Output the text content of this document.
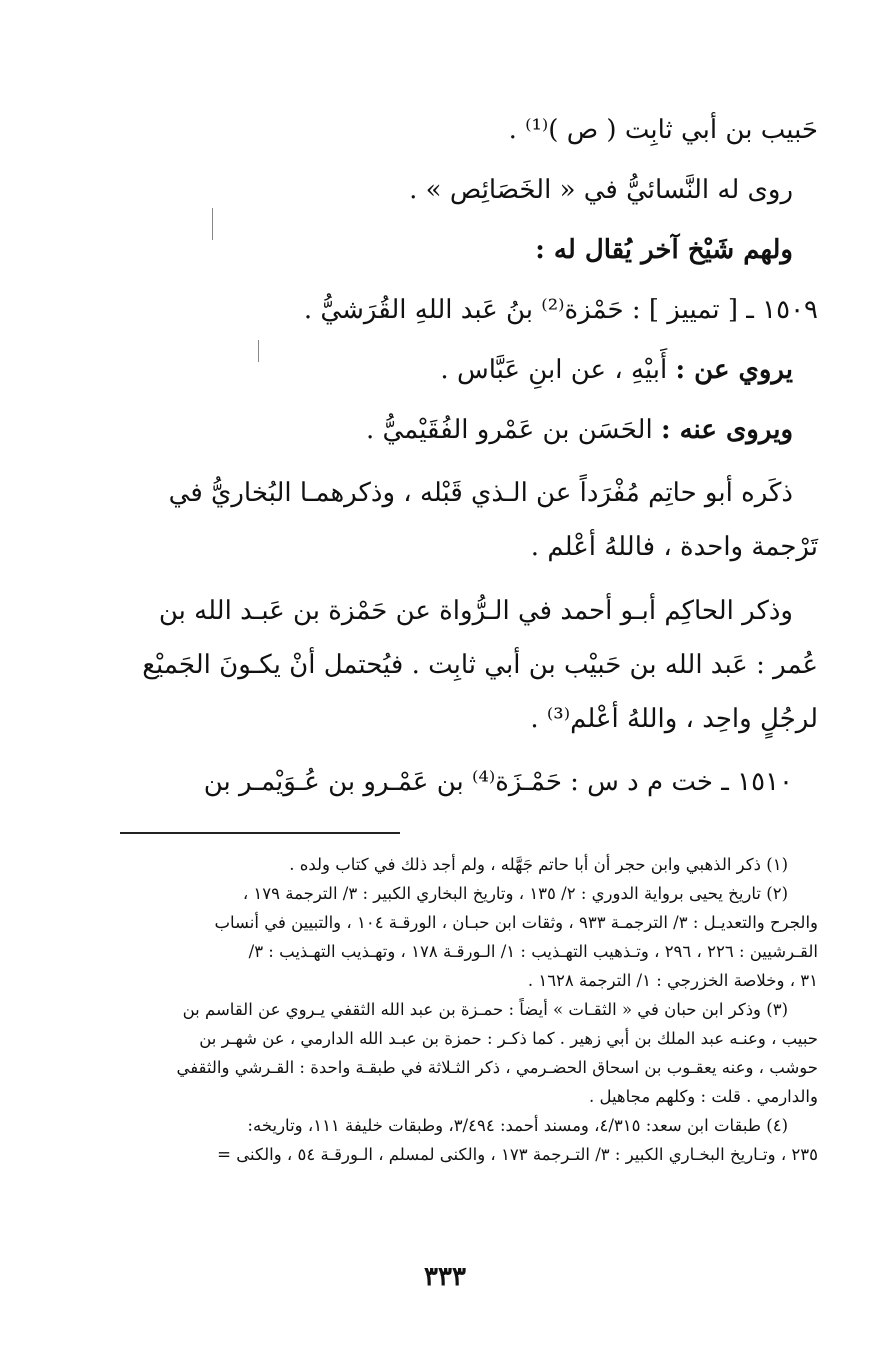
حَبيب بن أبي ثابِت ( ص )⁽¹⁾ .

روى له النَّسائيُّ في « الخَصَائِص » .

ولهم شَيْخ آخر يُقال له :

١٥٠٩ ـ [ تمييز ] : حَمْزة⁽²⁾ بنُ عَبد اللهِ القُرَشيُّ .

يروي عن : أَبيْهِ ، عن ابنِ عَبَّاس .

ويروى عنه : الحَسَن بن عَمْرو الفُقَيْميُّ .

ذكَره أبو حاتِم مُفْرَداً عن الـذي قَبْله ، وذكرهمـا البُخاريُّ في

تَرْجمة واحدة ، فاللهُ أعْلم .

وذكر الحاكِم أبـو أحمد في الـرُّواة عن حَمْزة بن عَبـد الله بن

عُمر : عَبد الله بن حَبيْب بن أبي ثابِت . فيُحتمل أنْ يكـونَ الجَميْع

لرجُلٍ واحِد ، واللهُ أعْلم⁽³⁾ .

١٥١٠ ـ خت م د س : حَمْـزَة⁽⁴⁾ بن عَمْـرو بن عُـوَيْمـر بن

(١) ذكر الذهبي وابن حجر أن أبا حاتم جَهَّله ، ولم أجد ذلك في كتاب ولده .

(٢) تاريخ يحيى برواية الدوري : ٢/ ١٣٥ ، وتاريخ البخاري الكبير : ٣/ الترجمة ١٧٩ ،

والجرح والتعديـل : ٣/ الترجمـة ٩٣٣ ، وثقات ابن حبـان ، الورقـة ١٠٤ ، والتبيين في أنساب

القـرشيين : ٢٢٦ ، ٢٩٦ ، وتـذهيب التهـذيب : ١/ الـورقـة ١٧٨ ، وتهـذيب التهـذيب : ٣/

٣١ ، وخلاصة الخزرجي : ١/ الترجمة ١٦٢٨ .

(٣) وذكر ابن حبان في « الثقـات » أيضاً : حمـزة بن عبد الله الثقفي يـروي عن القاسم بن

حبيب ، وعنـه عبد الملك بن أبي زهير . كما ذكـر : حمزة بن عبـد الله الدارمي ، عن شهـر بن

حوشب ، وعنه يعقـوب بن اسحاق الحضـرمي ، ذكر الثـلاثة في طبقـة واحدة : القـرشي والثقفي

والدارمي . قلت : وكلهم مجاهيل .

(٤) طبقات ابن سعد: ٤/٣١٥، ومسند أحمد: ٣/٤٩٤، وطبقات خليفة ١١١، وتاريخه:

٢٣٥ ، وتـاريخ البخـاري الكبير : ٣/ التـرجمة ١٧٣ ، والكنى لمسلم ، الـورقـة ٥٤ ، والكنى =

٣٣٣
